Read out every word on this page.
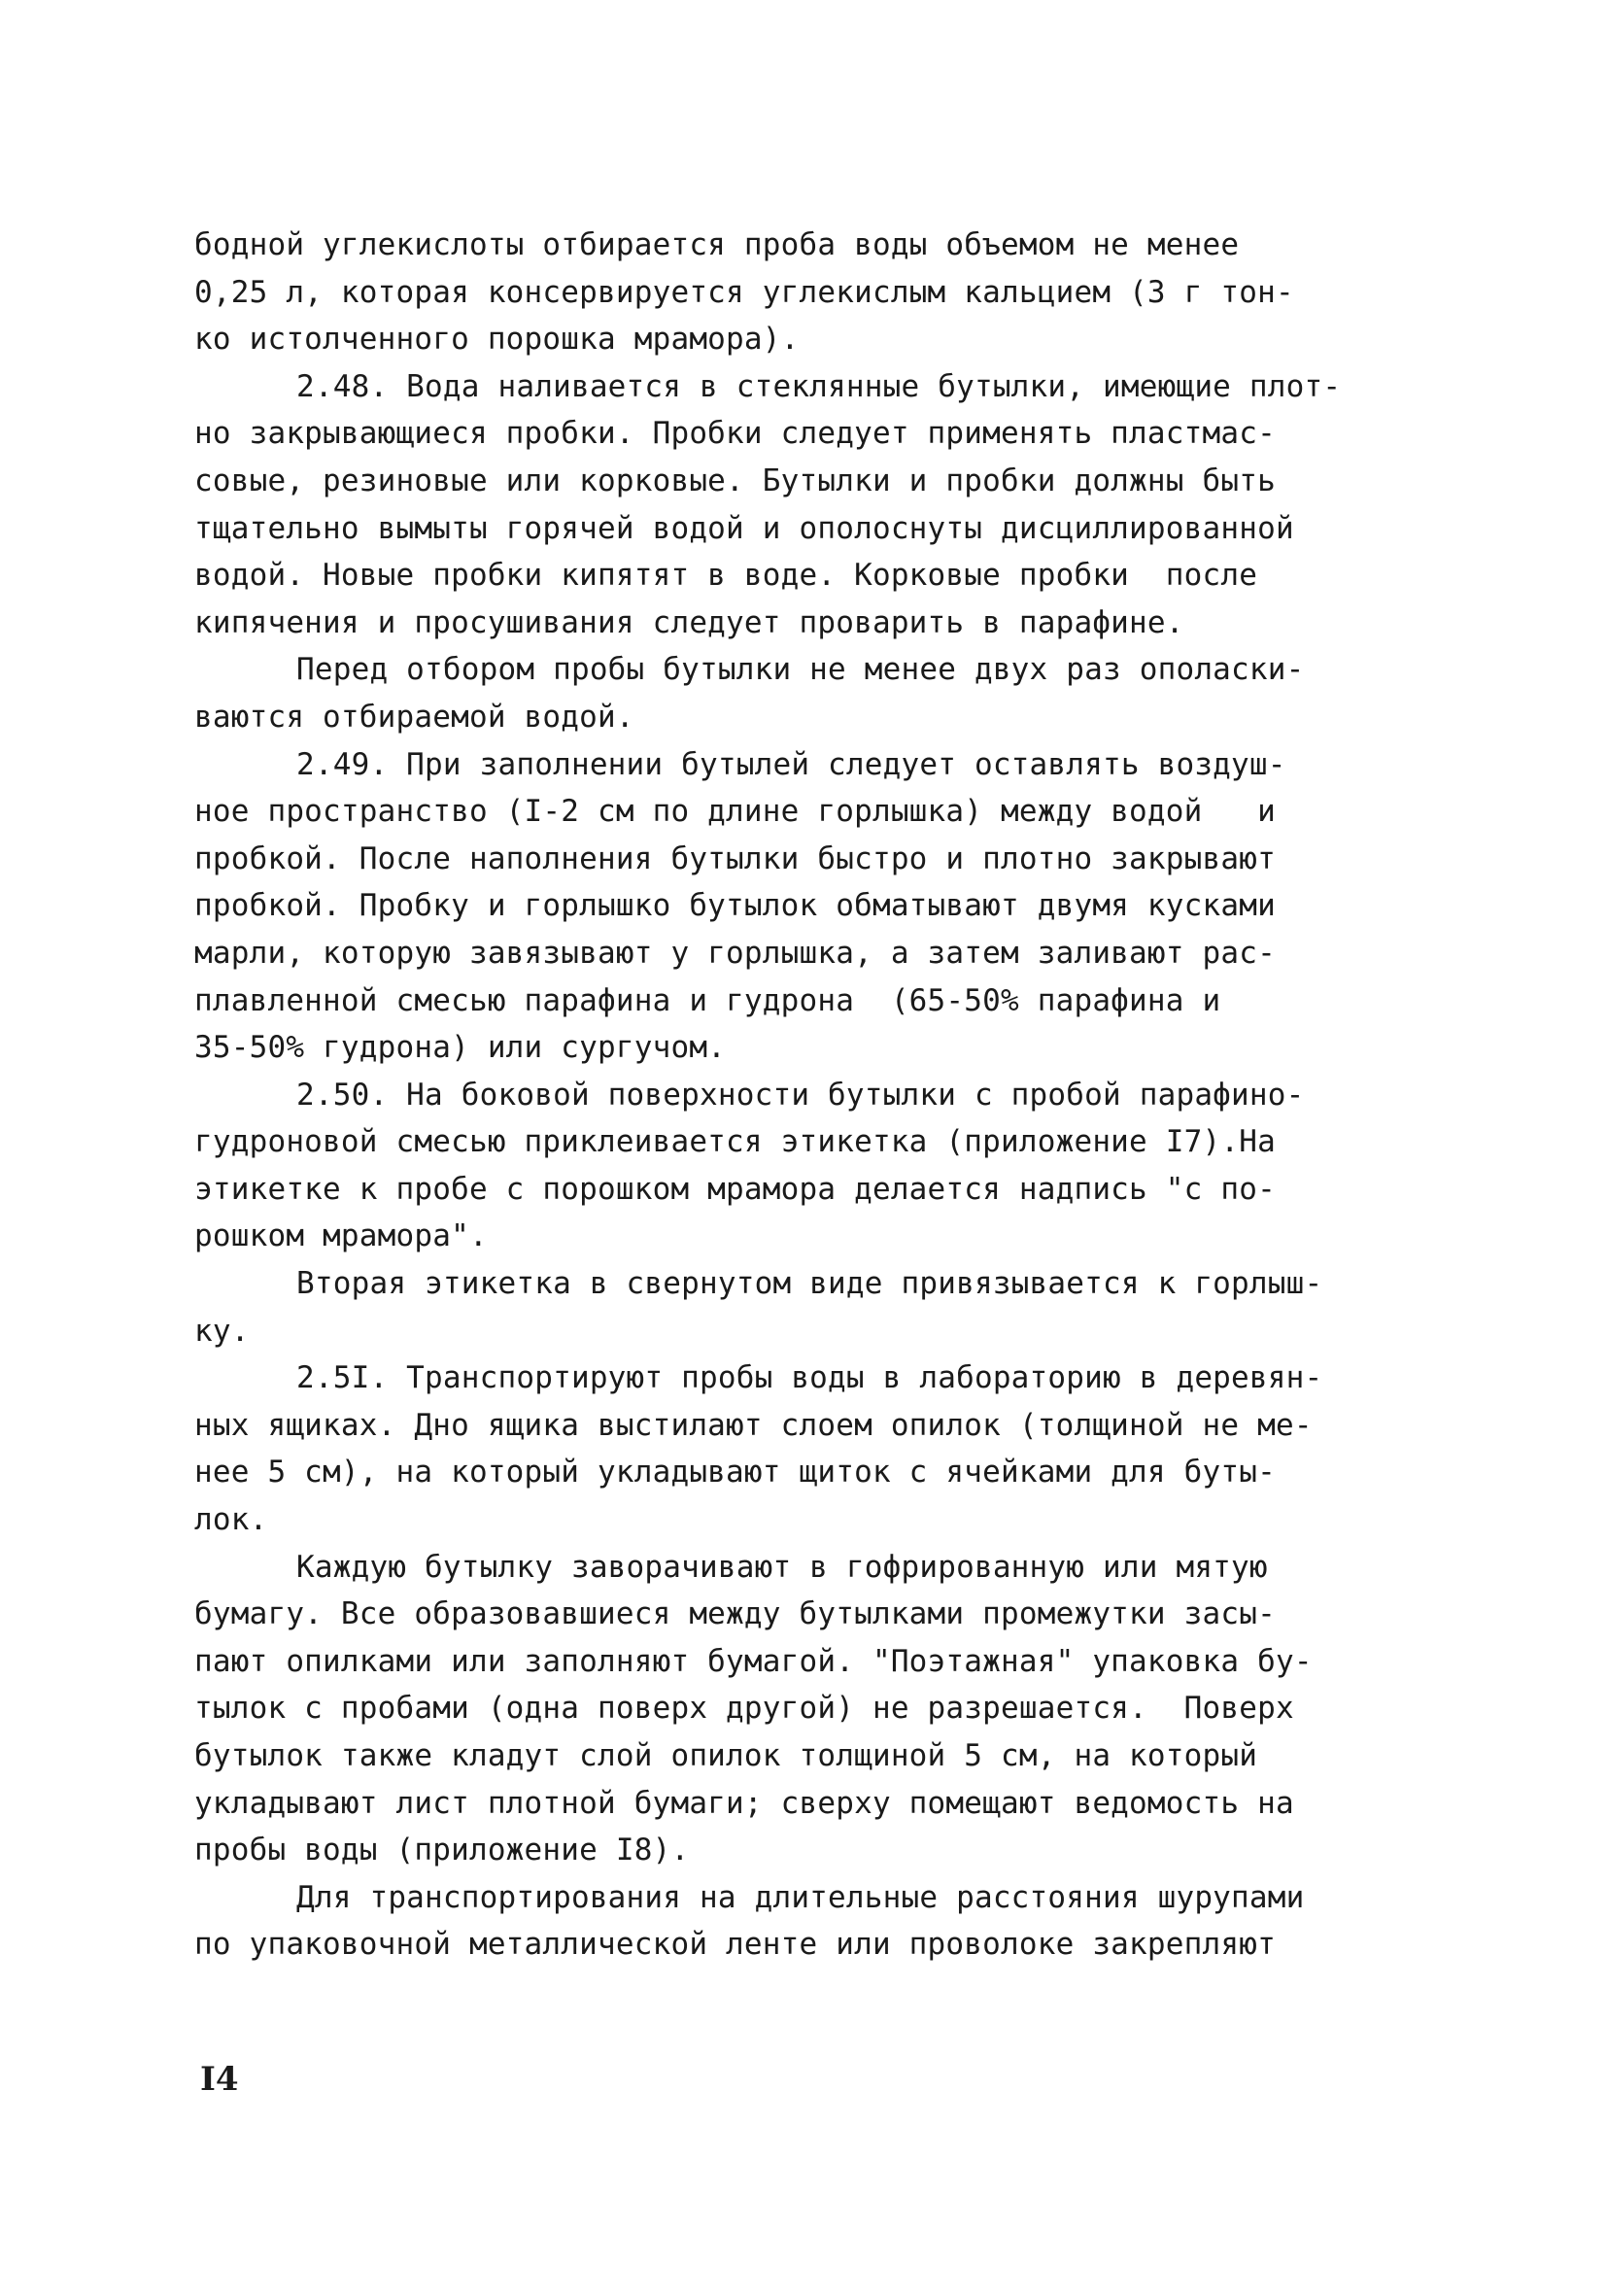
бодной углекислоты отбирается проба воды объемом не менее
0,25 л, которая консервируется углекислым кальцием (3 г тон-
ко истолченного порошка мрамора).
2.48. Вода наливается в стеклянные бутылки, имеющие плот-
но закрывающиеся пробки. Пробки следует применять пластмас-
совые, резиновые или корковые. Бутылки и пробки должны быть
тщательно вымыты горячей водой и ополоснуты дисциллированной
водой. Новые пробки кипятят в воде. Корковые пробки  после
кипячения и просушивания следует проварить в парафине.
Перед отбором пробы бутылки не менее двух раз ополаски-
ваются отбираемой водой.
2.49. При заполнении бутылей следует оставлять воздуш-
ное пространство (I-2 см по длине горлышка) между водой   и
пробкой. После наполнения бутылки быстро и плотно закрывают
пробкой. Пробку и горлышко бутылок обматывают двумя кусками
марли, которую завязывают у горлышка, а затем заливают рас-
плавленной смесью парафина и гудрона  (65-50% парафина и
35-50% гудрона) или сургучом.
2.50. На боковой поверхности бутылки с пробой парафино-
гудроновой смесью приклеивается этикетка (приложение I7).На
этикетке к пробе с порошком мрамора делается надпись "с по-
рошком мрамора".
Вторая этикетка в свернутом виде привязывается к горлыш-
ку.
2.5I. Транспортируют пробы воды в лабораторию в деревян-
ных ящиках. Дно ящика выстилают слоем опилок (толщиной не ме-
нее 5 см), на который укладывают щиток с ячейками для буты-
лок.
Каждую бутылку заворачивают в гофрированную или мятую
бумагу. Все образовавшиеся между бутылками промежутки засы-
пают опилками или заполняют бумагой. "Поэтажная" упаковка бу-
тылок с пробами (одна поверх другой) не разрешается.  Поверх
бутылок также кладут слой опилок толщиной 5 см, на который
укладывают лист плотной бумаги; сверху помещают ведомость на
пробы воды (приложение I8).
Для транспортирования на длительные расстояния шурупами
по упаковочной металлической ленте или проволоке закрепляют
I4
